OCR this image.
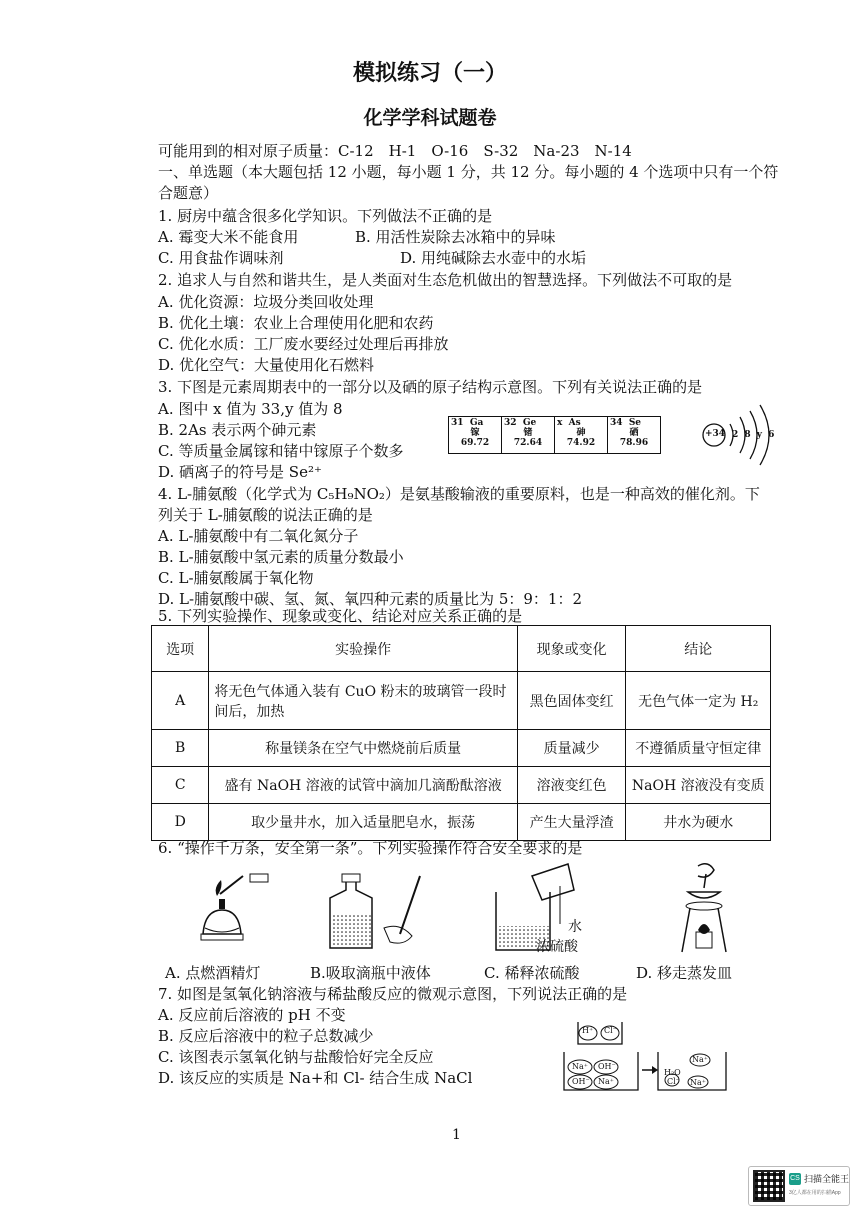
模拟练习（一）
化学学科试题卷
可能用到的相对原子质量：C-12　H-1　O-16　S-32　Na-23　N-14
一、单选题（本大题包括 12 小题，每小题 1 分，共 12 分。每小题的 4 个选项中只有一个符
合题意）
1. 厨房中蕴含很多化学知识。下列做法不正确的是
A. 霉变大米不能食用	B. 用活性炭除去冰箱中的异味
C. 用食盐作调味剂	D. 用纯碱除去水壶中的水垢
2. 追求人与自然和谐共生，是人类面对生态危机做出的智慧选择。下列做法不可取的是
A. 优化资源：垃圾分类回收处理
B. 优化土壤：农业上合理使用化肥和农药
C. 优化水质：工厂废水要经过处理后再排放
D. 优化空气：大量使用化石燃料
3. 下图是元素周期表中的一部分以及硒的原子结构示意图。下列有关说法正确的是
A. 图中 x 值为 33,y 值为 8
B. 2As 表示两个砷元素
C. 等质量金属镓和锗中镓原子个数多
D. 硒离子的符号是 Se²⁺
31 Ga
镓
69.72

32 Ge
锗
72.64

x As
砷
74.92

34 Se
硒
78.96
+34 2 8 y 6
4. L-脯氨酸（化学式为 C₅H₉NO₂）是氨基酸输液的重要原料，也是一种高效的催化剂。下
列关于 L-脯氨酸的说法正确的是
A. L-脯氨酸中有二氧化氮分子
B. L-脯氨酸中氢元素的质量分数最小
C. L-脯氨酸属于氧化物
D. L-脯氨酸中碳、氢、氮、氧四种元素的质量比为 5：9：1：2
5. 下列实验操作、现象或变化、结论对应关系正确的是
选项	实验操作	现象或变化	结论
A	将无色气体通入装有 CuO 粉末的玻璃管一段时间后，加热	黑色固体变红	无色气体一定为 H₂
B	称量镁条在空气中燃烧前后质量	质量减少	不遵循质量守恒定律
C	盛有 NaOH 溶液的试管中滴加几滴酚酞溶液	溶液变红色	NaOH 溶液没有变质
D	取少量井水，加入适量肥皂水，振荡	产生大量浮渣	井水为硬水
6. “操作千万条，安全第一条”。下列实验操作符合安全要求的是
水
浓硫酸
A. 点燃酒精灯	B.吸取滴瓶中液体	C. 稀释浓硫酸	D. 移走蒸发皿
7. 如图是氢氧化钠溶液与稀盐酸反应的微观示意图，下列说法正确的是
A. 反应前后溶液的 pH 不变
B. 反应后溶液中的粒子总数减少
C. 该图表示氢氧化钠与盐酸恰好完全反应
D. 该反应的实质是 Na+和 Cl- 结合生成 NaCl
H⁺ Cl⁻
Na⁺ OH⁻
OH⁻ Na⁺
Na⁺
H₂O
Cl⁻ Na⁺
1
CS 扫描全能王
3亿人都在用的扫描App
